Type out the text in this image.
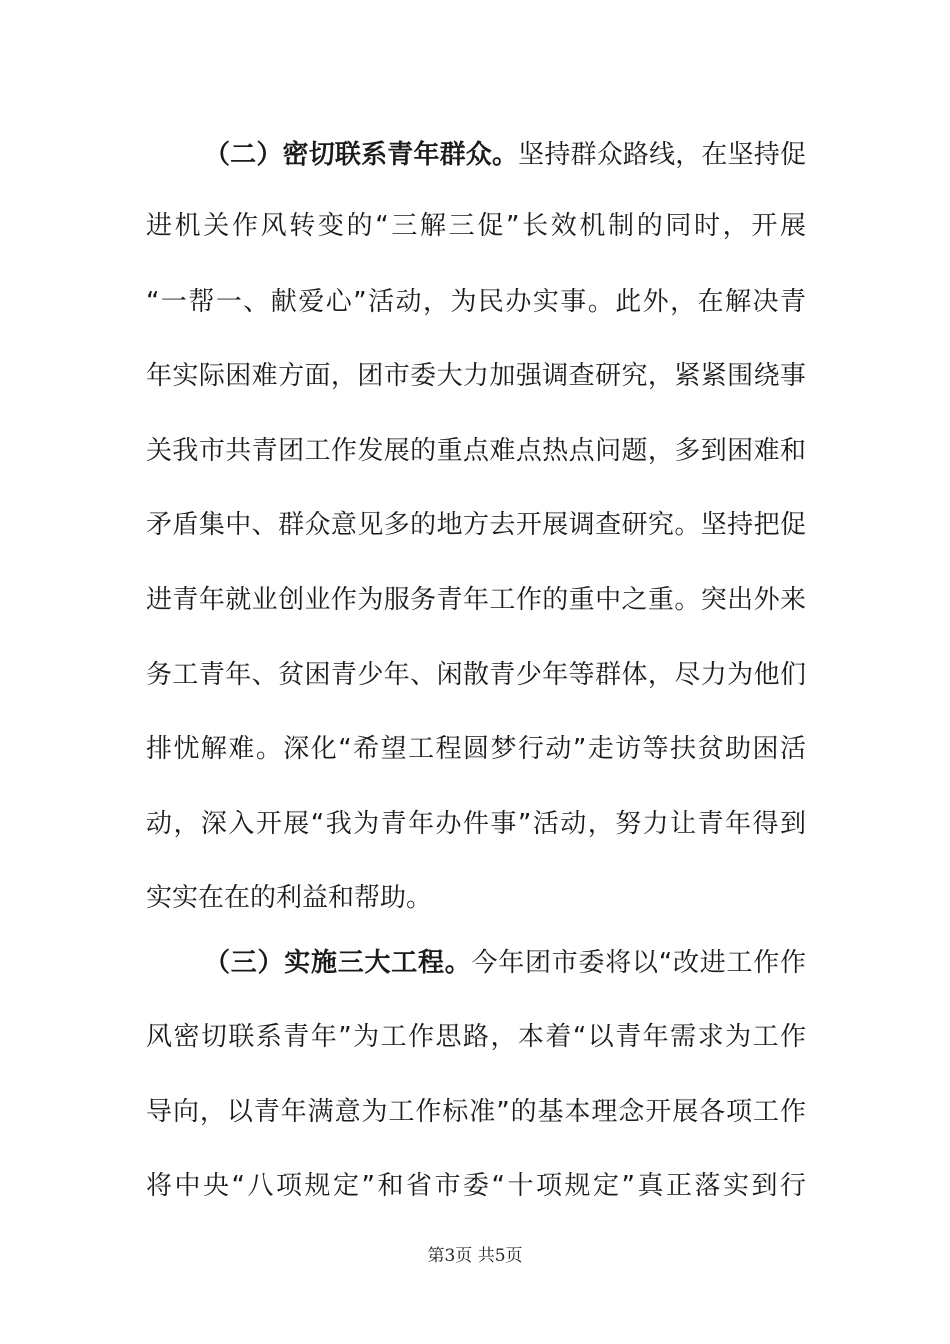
（二）密切联系青年群众。坚持群众路线，在坚持促
进机关作风转变的“三解三促”长效机制的同时，开展
“一帮一、献爱心”活动，为民办实事。此外，在解决青
年实际困难方面，团市委大力加强调查研究，紧紧围绕事
关我市共青团工作发展的重点难点热点问题，多到困难和
矛盾集中、群众意见多的地方去开展调查研究。坚持把促
进青年就业创业作为服务青年工作的重中之重。突出外来
务工青年、贫困青少年、闲散青少年等群体，尽力为他们
排忧解难。深化“希望工程圆梦行动”走访等扶贫助困活
动，深入开展“我为青年办件事”活动，努力让青年得到
实实在在的利益和帮助。
（三）实施三大工程。今年团市委将以“改进工作作
风密切联系青年”为工作思路，本着“以青年需求为工作
导向，以青年满意为工作标准”的基本理念开展各项工作
将中央“八项规定”和省市委“十项规定”真正落实到行
第3页 共5页
